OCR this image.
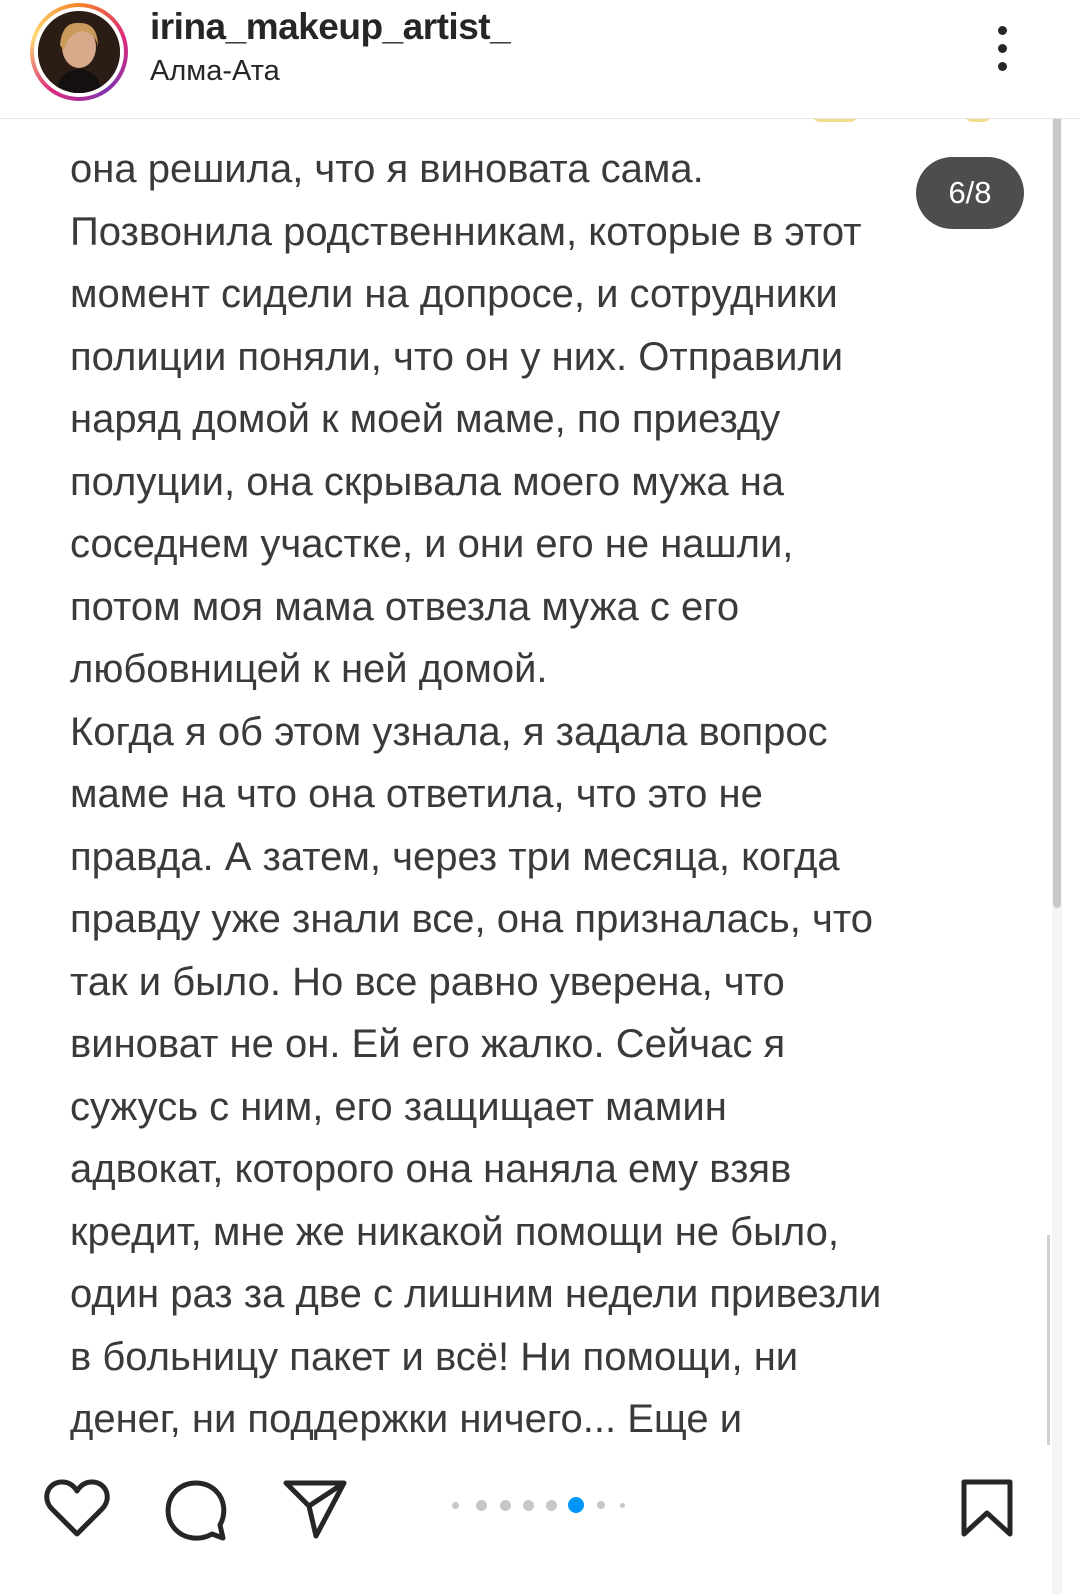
irina_makeup_artist_
Алма-Ата

она решила, что я виновата сама.
Позвонила родственникам, которые в этот
момент сидели на допросе, и сотрудники
полиции поняли, что он у них. Отправили
наряд домой к моей маме, по приезду
полуции, она скрывала моего мужа на
соседнем участке, и они его не нашли,
потом моя мама отвезла мужа с его
любовницей к ней домой.
Когда я об этом узнала, я задала вопрос
маме на что она ответила, что это не
правда. А затем, через три месяца, когда
правду уже знали все, она призналась, что
так и было. Но все равно уверена, что
виноват не он. Ей его жалко. Сейчас я
сужусь с ним, его защищает мамин
адвокат, которого она наняла ему взяв
кредит, мне же никакой помощи не было,
один раз за две с лишним недели привезли
в больницу пакет и всё! Ни помощи, ни
денег, ни поддержки ничего... Еще и

6/8
